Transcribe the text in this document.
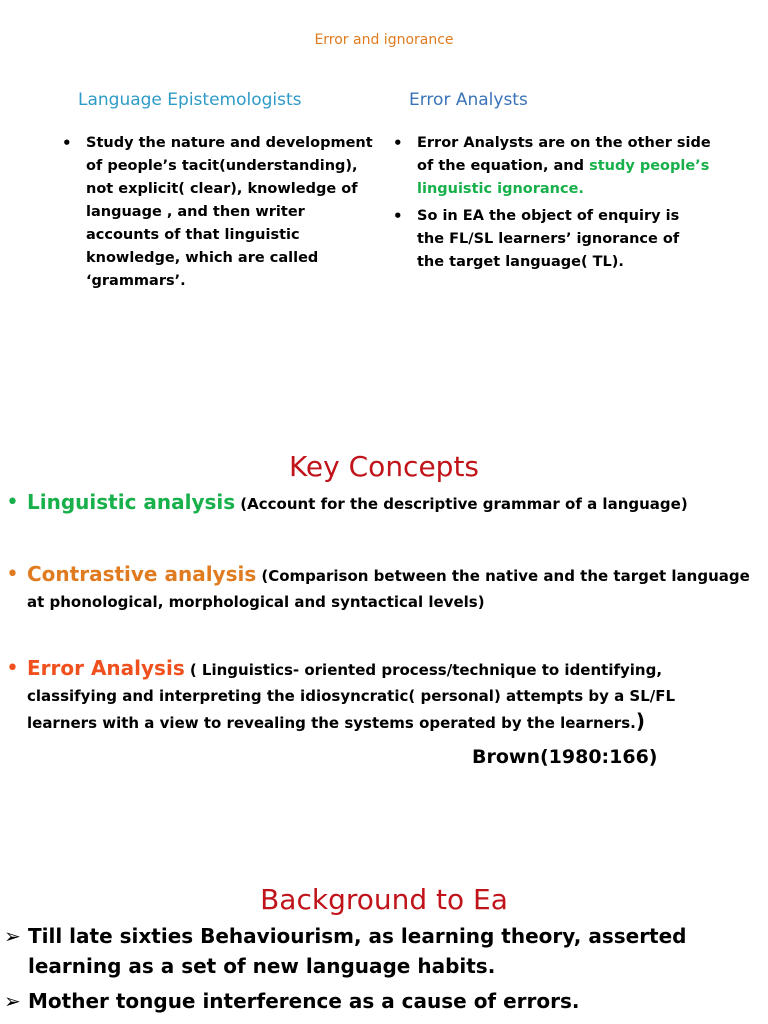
Error and ignorance
Language Epistemologists
• Study the nature and development of people’s tacit(understanding), not explicit( clear), knowledge of language , and then writer accounts of that linguistic knowledge, which are called ‘grammars’.
Error Analysts
• Error Analysts are on the other side of the equation, and study people’s linguistic ignorance.
• So in EA the object of enquiry is the FL/SL learners’ ignorance of the target language( TL).
Key Concepts
• Linguistic analysis (Account for the descriptive grammar of a language)
• Contrastive analysis (Comparison between the native and the target language at phonological, morphological and syntactical levels)
• Error Analysis ( Linguistics- oriented process/technique to identifying, classifying and interpreting the idiosyncratic( personal) attempts by a SL/FL learners with a view to revealing the systems operated by the learners.)
Brown(1980:166)
Background to Ea
➢ Till late sixties Behaviourism, as learning theory, asserted learning as a set of new language habits.
➢ Mother tongue interference as a cause of errors.
